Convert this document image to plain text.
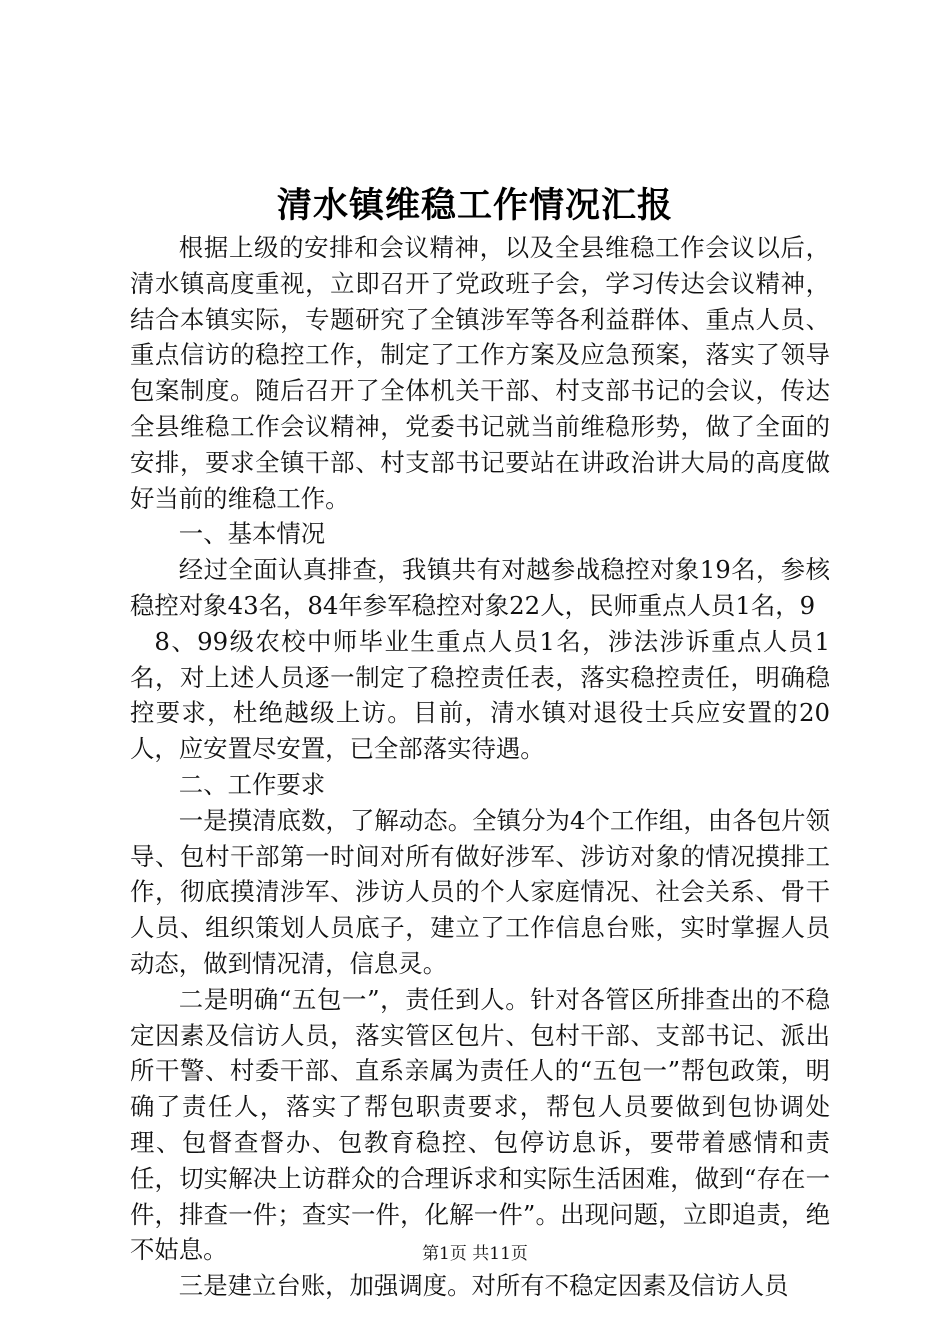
清水镇维稳工作情况汇报

根据上级的安排和会议精神，以及全县维稳工作会议以后，清水镇高度重视，立即召开了党政班子会，学习传达会议精神，结合本镇实际，专题研究了全镇涉军等各利益群体、重点人员、重点信访的稳控工作，制定了工作方案及应急预案，落实了领导包案制度。随后召开了全体机关干部、村支部书记的会议，传达全县维稳工作会议精神，党委书记就当前维稳形势，做了全面的安排，要求全镇干部、村支部书记要站在讲政治讲大局的高度做好当前的维稳工作。

一、基本情况

经过全面认真排查，我镇共有对越参战稳控对象19名，参核稳控对象43名，84年参军稳控对象22人，民师重点人员1名，9

8、99级农校中师毕业生重点人员1名，涉法涉诉重点人员1名，对上述人员逐一制定了稳控责任表，落实稳控责任，明确稳控要求，杜绝越级上访。目前，清水镇对退役士兵应安置的20人，应安置尽安置，已全部落实待遇。

二、工作要求

一是摸清底数，了解动态。全镇分为4个工作组，由各包片领导、包村干部第一时间对所有做好涉军、涉访对象的情况摸排工作，彻底摸清涉军、涉访人员的个人家庭情况、社会关系、骨干人员、组织策划人员底子，建立了工作信息台账，实时掌握人员动态，做到情况清，信息灵。

二是明确“五包一”，责任到人。针对各管区所排查出的不稳定因素及信访人员，落实管区包片、包村干部、支部书记、派出所干警、村委干部、直系亲属为责任人的“五包一”帮包政策，明确了责任人，落实了帮包职责要求，帮包人员要做到包协调处理、包督查督办、包教育稳控、包停访息诉，要带着感情和责任，切实解决上访群众的合理诉求和实际生活困难，做到“存在一件，排查一件；查实一件，化解一件”。出现问题，立即追责，绝不姑息。

三是建立台账，加强调度。对所有不稳定因素及信访人员

第1页 共11页
